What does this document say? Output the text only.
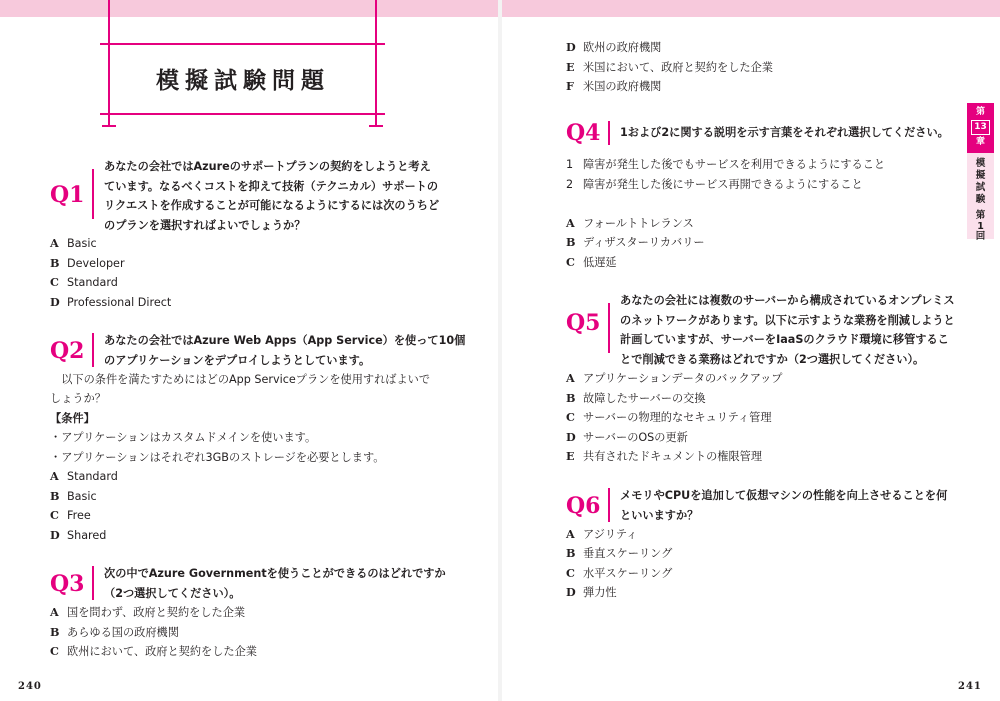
模擬試験問題
Q1
あなたの会社ではAzureのサポートプランの契約をしようと考え
ています。なるべくコストを抑えて技術（テクニカル）サポートの
リクエストを作成することが可能になるようにするには次のうちど
のプランを選択すればよいでしょうか？
A Basic
B Developer
C Standard
D Professional Direct
Q2 あなたの会社ではAzure Web Apps（App Service）を使って10個
のアプリケーションをデプロイしようとしています。
　以下の条件を満たすためにはどのApp Serviceプランを使用すればよいで
しょうか？
【条件】
・アプリケーションはカスタムドメインを使います。
・アプリケーションはそれぞれ3GBのストレージを必要とします。
A Standard
B Basic
C Free
D Shared
Q3 次の中でAzure Governmentを使うことができるのはどれですか
（2つ選択してください）。
A 国を問わず、政府と契約をした企業
B あらゆる国の政府機関
C 欧州において、政府と契約をした企業
240
D 欧州の政府機関
E 米国において、政府と契約をした企業
F 米国の政府機関
Q4 1および2に関する説明を示す言葉をそれぞれ選択してください。
1 障害が発生した後でもサービスを利用できるようにすること
2 障害が発生した後にサービス再開できるようにすること
A フォールトトレランス
B ディザスターリカバリー
C 低遅延
Q5
あなたの会社には複数のサーバーから構成されているオンプレミス
のネットワークがあります。以下に示すような業務を削減しようと
計画していますが、サーバーをIaaSのクラウド環境に移管するこ
とで削減できる業務はどれですか（2つ選択してください）。
A アプリケーションデータのバックアップ
B 故障したサーバーの交換
C サーバーの物理的なセキュリティ管理
D サーバーのOSの更新
E 共有されたドキュメントの権限管理
Q6 メモリやCPUを追加して仮想マシンの性能を向上させることを何
といいますか？
A アジリティ
B 垂直スケーリング
C 水平スケーリング
D 弾力性
241
第
13
章
模
擬
試
験
第
1
回
